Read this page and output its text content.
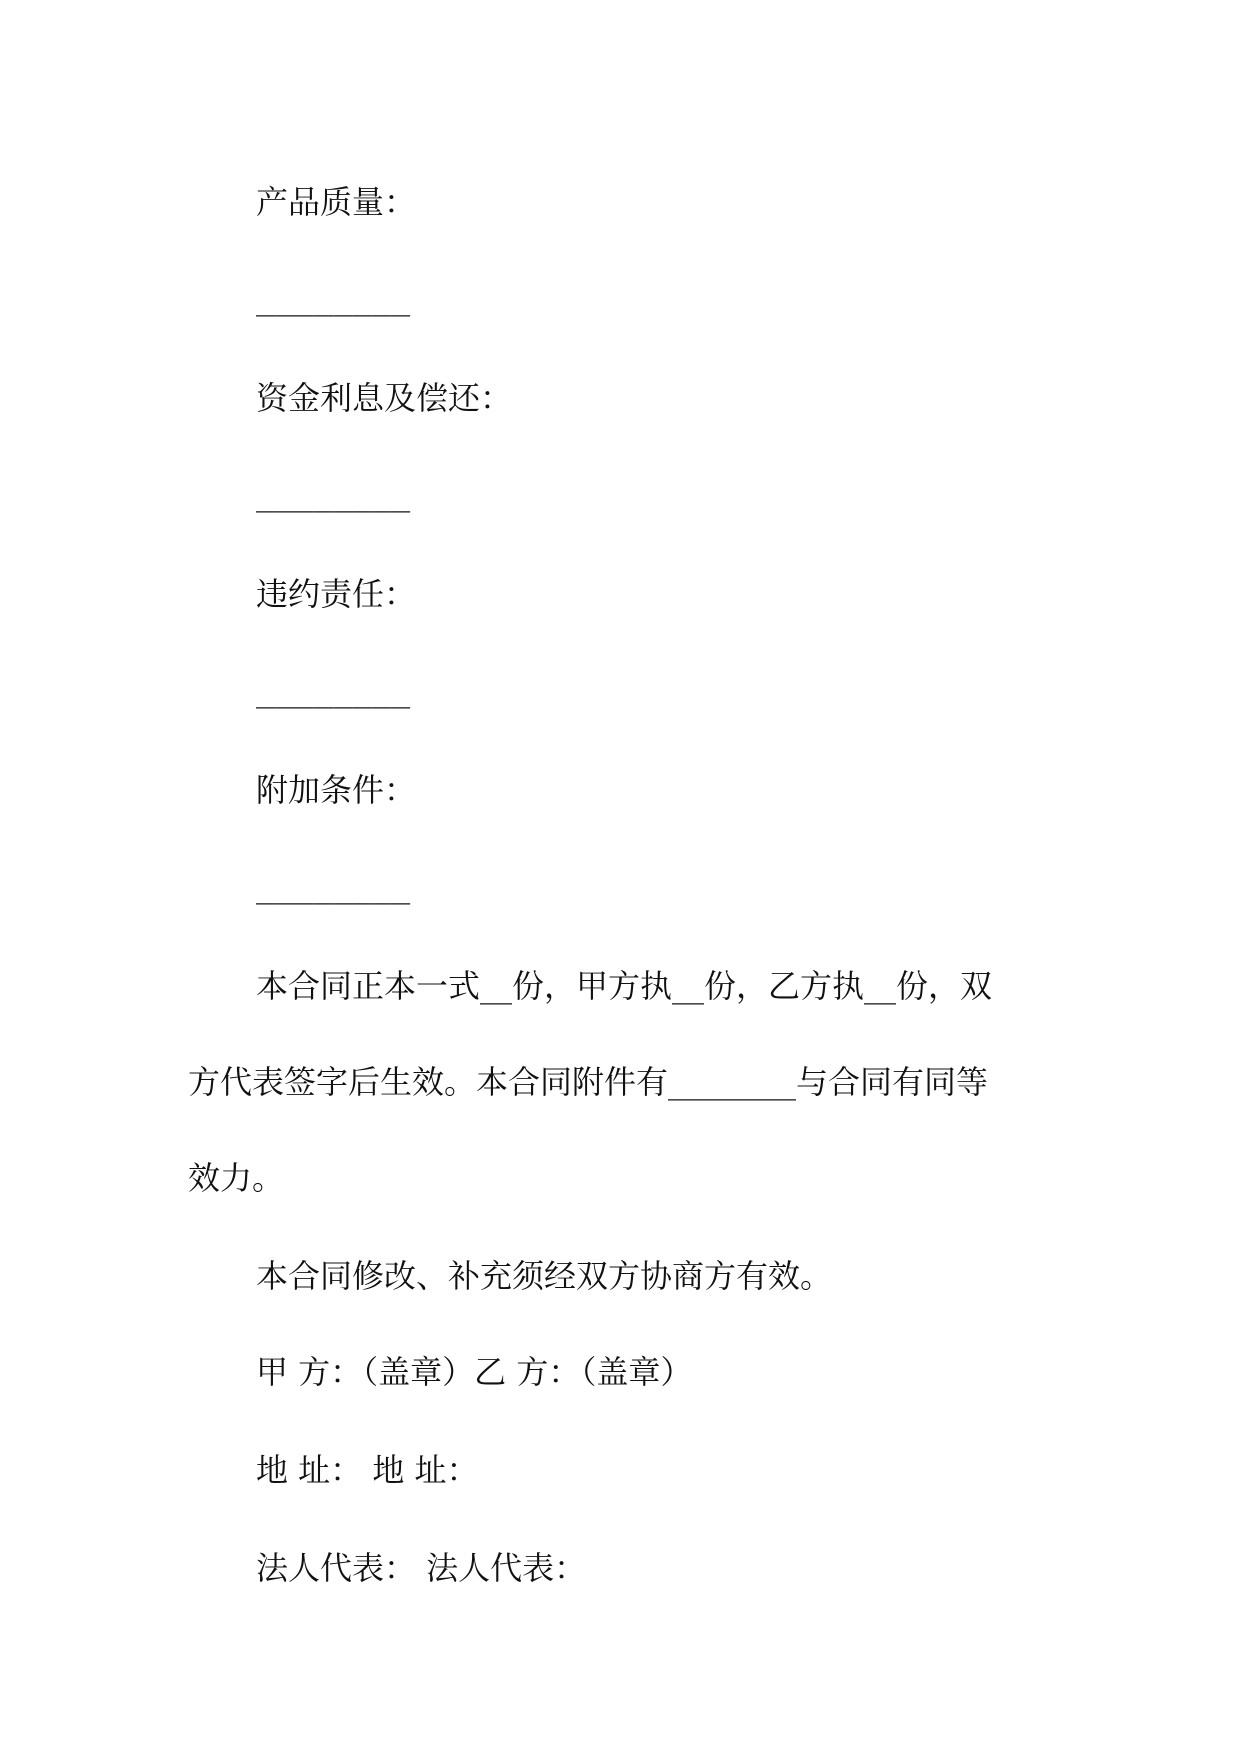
产品质量：

________

资金利息及偿还：

________

违约责任：

________

附加条件：

________

本合同正本一式__份，甲方执__份，乙方执__份，双

方代表签字后生效。本合同附件有________与合同有同等

效力。

本合同修改、补充须经双方协商方有效。

甲 方：（盖章）乙 方：（盖章）

地 址： 地 址：

法人代表： 法人代表：
